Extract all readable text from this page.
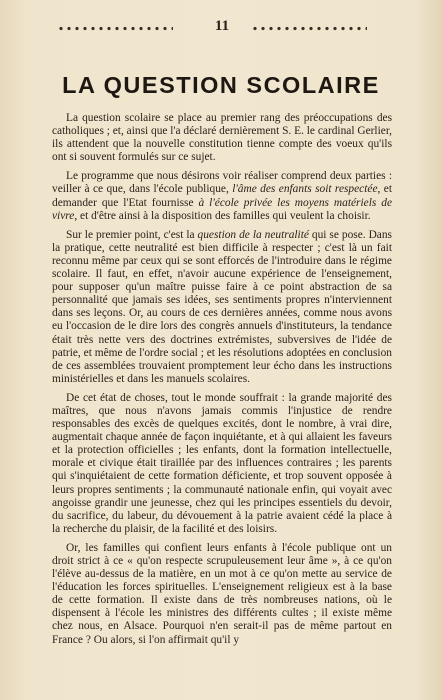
11
LA QUESTION SCOLAIRE

La question scolaire se place au premier rang des préoccupations des catholiques ; et, ainsi que l'a déclaré dernièrement S. E. le cardinal Gerlier, ils attendent que la nouvelle constitution tienne compte des voeux qu'ils ont si souvent formulés sur ce sujet.

Le programme que nous désirons voir réaliser comprend deux parties : veiller à ce que, dans l'école publique, l'âme des enfants soit respectée, et demander que l'Etat fournisse à l'école privée les moyens matériels de vivre, et d'être ainsi à la disposition des familles qui veulent la choisir.

Sur le premier point, c'est la question de la neutralité qui se pose. Dans la pratique, cette neutralité est bien difficile à respecter ; c'est là un fait reconnu même par ceux qui se sont efforcés de l'introduire dans le régime scolaire. Il faut, en effet, n'avoir aucune expérience de l'enseignement, pour supposer qu'un maître puisse faire à ce point abstraction de sa personnalité que jamais ses idées, ses sentiments propres n'interviennent dans ses leçons. Or, au cours de ces dernières années, comme nous avons eu l'occasion de le dire lors des congrès annuels d'instituteurs, la tendance était très nette vers des doctrines extrémistes, subversives de l'idée de patrie, et même de l'ordre social ; et les résolutions adoptées en conclusion de ces assemblées trouvaient promptement leur écho dans les instructions ministérielles et dans les manuels scolaires.

De cet état de choses, tout le monde souffrait : la grande majorité des maîtres, que nous n'avons jamais commis l'injustice de rendre responsables des excès de quelques excités, dont le nombre, à vrai dire, augmentait chaque année de façon inquiétante, et à qui allaient les faveurs et la protection officielles ; les enfants, dont la formation intellectuelle, morale et civique était tiraillée par des influences contraires ; les parents qui s'inquiétaient de cette formation déficiente, et trop souvent opposée à leurs propres sentiments ; la communauté nationale enfin, qui voyait avec angoisse grandir une jeunesse, chez qui les principes essentiels du devoir, du sacrifice, du labeur, du dévouement à la patrie avaient cédé la place à la recherche du plaisir, de la facilité et des loisirs.

Or, les familles qui confient leurs enfants à l'école publique ont un droit strict à ce « qu'on respecte scrupuleusement leur âme », à ce qu'on l'élève au-dessus de la matière, en un mot à ce qu'on mette au service de l'éducation les forces spirituelles. L'enseignement religieux est à la base de cette formation. Il existe dans de très nombreuses nations, où le dispensent à l'école les ministres des différents cultes ; il existe même chez nous, en Alsace. Pourquoi n'en serait-il pas de même partout en France ? Ou alors, si l'on affirmait qu'il y
